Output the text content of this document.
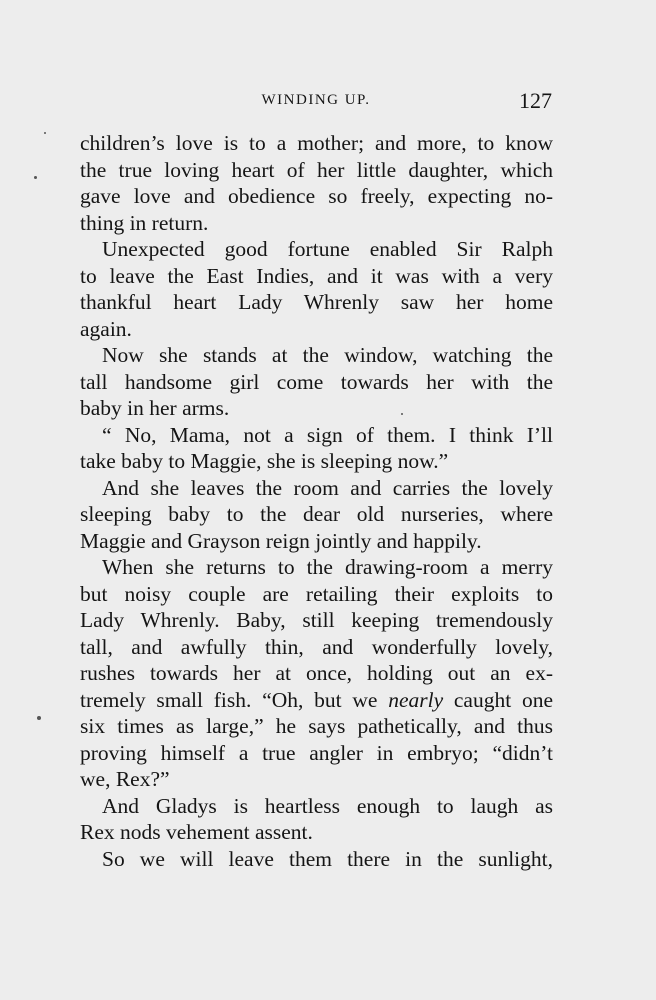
WINDING UP.	127

children’s love is to a mother; and more, to know

the true loving heart of her little daughter, which

gave love and obedience so freely, expecting no-

thing in return.

Unexpected good fortune enabled Sir Ralph

to leave the East Indies, and it was with a very

thankful heart Lady Whrenly saw her home

again.

Now she stands at the window, watching the

tall handsome girl come towards her with the

baby in her arms.

“ No, Mama, not a sign of them. I think I’ll

take baby to Maggie, she is sleeping now.”

And she leaves the room and carries the lovely

sleeping baby to the dear old nurseries, where

Maggie and Grayson reign jointly and happily.

When she returns to the drawing-room a merry

but noisy couple are retailing their exploits to

Lady Whrenly. Baby, still keeping tremendously

tall, and awfully thin, and wonderfully lovely,

rushes towards her at once, holding out an ex-

tremely small fish. “Oh, but we nearly caught one

six times as large,” he says pathetically, and thus

proving himself a true angler in embryo; “didn’t

we, Rex?”

And Gladys is heartless enough to laugh as

Rex nods vehement assent.

So we will leave them there in the sunlight,
